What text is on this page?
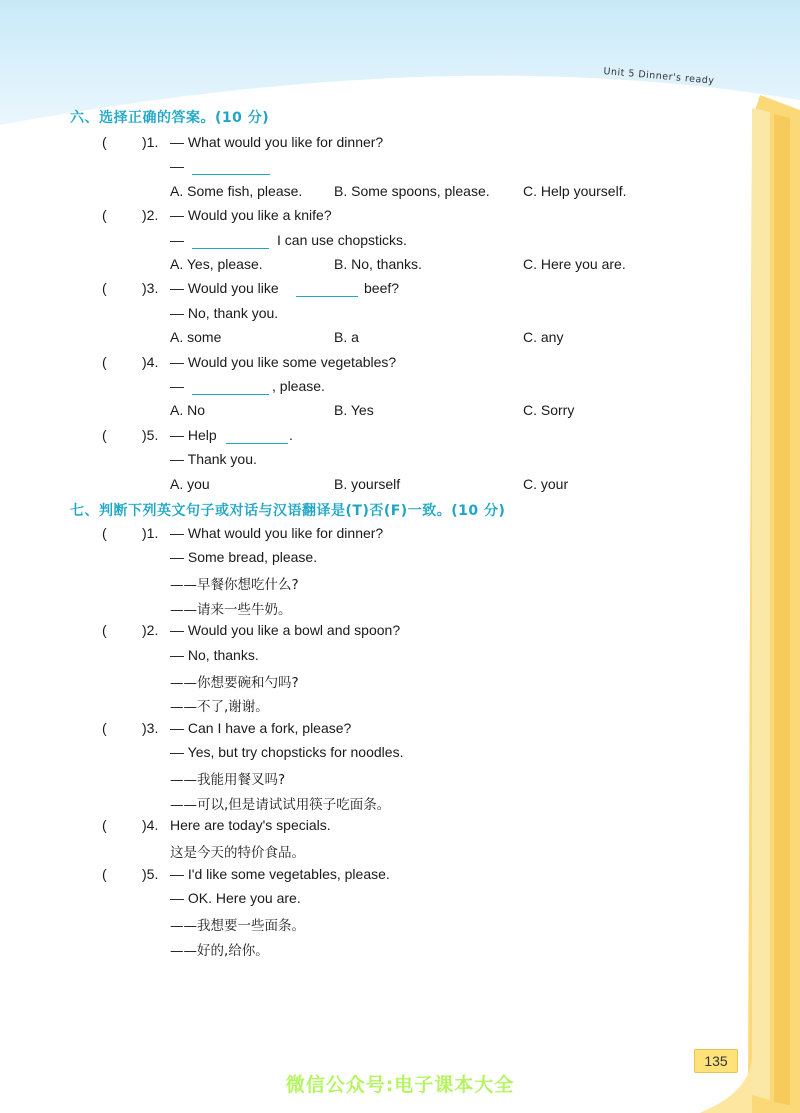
Unit 5 Dinner's ready
六、选择正确的答案。(10 分)
(	)1. — What would you like for dinner?
—
A. Some fish, please. B. Some spoons, please. C. Help yourself.
(	)2. — Would you like a knife?
—	I can use chopsticks.
A. Yes, please.	B. No, thanks.	C. Here you are.
(	)3. — Would you like	beef?
— No, thank you.
A. some	B. a	C. any
(	)4. — Would you like some vegetables?
—	, please.
A. No	B. Yes	C. Sorry
(	)5. — Help	.
— Thank you.
A. you	B. yourself	C. your
七、判断下列英文句子或对话与汉语翻译是(T)否(F)一致。(10 分)
(	)1. — What would you like for dinner?
— Some bread, please.
——早餐你想吃什么?
——请来一些牛奶。
(	)2. — Would you like a bowl and spoon?
— No, thanks.
——你想要碗和勺吗?
——不了,谢谢。
(	)3. — Can I have a fork, please?
— Yes, but try chopsticks for noodles.
——我能用餐叉吗?
——可以,但是请试试用筷子吃面条。
(	)4. Here are today's specials.
这是今天的特价食品。
(	)5. — I'd like some vegetables, please.
— OK. Here you are.
——我想要一些面条。
——好的,给你。
135
微信公众号:电子课本大全
